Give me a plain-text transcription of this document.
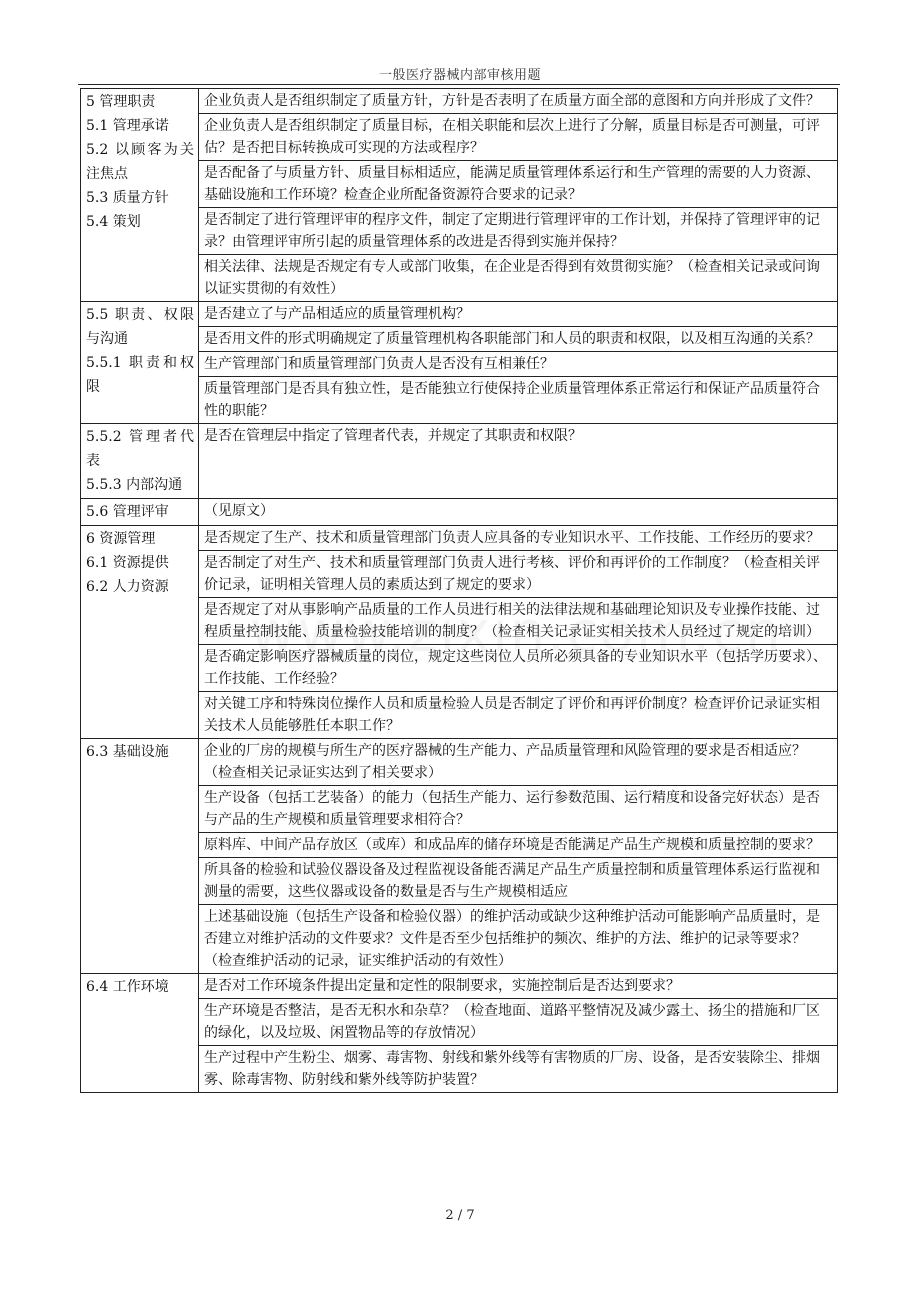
一般医疗器械内部审核用题
5 管理职责
5.1 管理承诺
5.2 以顾客为关注焦点
5.3 质量方针
5.4 策划	企业负责人是否组织制定了质量方针，方针是否表明了在质量方面全部的意图和方向并形成了文件？
	企业负责人是否组织制定了质量目标，在相关职能和层次上进行了分解，质量目标是否可测量，可评估？是否把目标转换成可实现的方法或程序？
	是否配备了与质量方针、质量目标相适应，能满足质量管理体系运行和生产管理的需要的人力资源、基础设施和工作环境？检查企业所配备资源符合要求的记录？
	是否制定了进行管理评审的程序文件，制定了定期进行管理评审的工作计划，并保持了管理评审的记录？由管理评审所引起的质量管理体系的改进是否得到实施并保持？
	相关法律、法规是否规定有专人或部门收集，在企业是否得到有效贯彻实施？（检查相关记录或问询以证实贯彻的有效性）

5.5 职责、权限与沟通
5.5.1 职责和权限	是否建立了与产品相适应的质量管理机构？
	是否用文件的形式明确规定了质量管理机构各职能部门和人员的职责和权限，以及相互沟通的关系？
	生产管理部门和质量管理部门负责人是否没有互相兼任？
	质量管理部门是否具有独立性，是否能独立行使保持企业质量管理体系正常运行和保证产品质量符合性的职能？

5.5.2 管理者代表
5.5.3 内部沟通	是否在管理层中指定了管理者代表，并规定了其职责和权限？

5.6 管理评审	（见原文）

6 资源管理
6.1 资源提供
6.2 人力资源	是否规定了生产、技术和质量管理部门负责人应具备的专业知识水平、工作技能、工作经历的要求？
	是否制定了对生产、技术和质量管理部门负责人进行考核、评价和再评价的工作制度？（检查相关评价记录，证明相关管理人员的素质达到了规定的要求）
	是否规定了对从事影响产品质量的工作人员进行相关的法律法规和基础理论知识及专业操作技能、过程质量控制技能、质量检验技能培训的制度？（检查相关记录证实相关技术人员经过了规定的培训）
	是否确定影响医疗器械质量的岗位，规定这些岗位人员所必须具备的专业知识水平（包括学历要求）、工作技能、工作经验？
	对关键工序和特殊岗位操作人员和质量检验人员是否制定了评价和再评价制度？检查评价记录证实相关技术人员能够胜任本职工作？

6.3 基础设施	企业的厂房的规模与所生产的医疗器械的生产能力、产品质量管理和风险管理的要求是否相适应？（检查相关记录证实达到了相关要求）
	生产设备（包括工艺装备）的能力（包括生产能力、运行参数范围、运行精度和设备完好状态）是否与产品的生产规模和质量管理要求相符合？
	原料库、中间产品存放区（或库）和成品库的储存环境是否能满足产品生产规模和质量控制的要求？
	所具备的检验和试验仪器设备及过程监视设备能否满足产品生产质量控制和质量管理体系运行监视和测量的需要，这些仪器或设备的数量是否与生产规模相适应
	上述基础设施（包括生产设备和检验仪器）的维护活动或缺少这种维护活动可能影响产品质量时，是否建立对维护活动的文件要求？文件是否至少包括维护的频次、维护的方法、维护的记录等要求？（检查维护活动的记录，证实维护活动的有效性）

6.4 工作环境	是否对工作环境条件提出定量和定性的限制要求，实施控制后是否达到要求？
	生产环境是否整洁，是否无积水和杂草？（检查地面、道路平整情况及减少露土、扬尘的措施和厂区的绿化，以及垃圾、闲置物品等的存放情况）
	生产过程中产生粉尘、烟雾、毒害物、射线和紫外线等有害物质的厂房、设备，是否安装除尘、排烟雾、除毒害物、防射线和紫外线等防护装置？
2 / 7
